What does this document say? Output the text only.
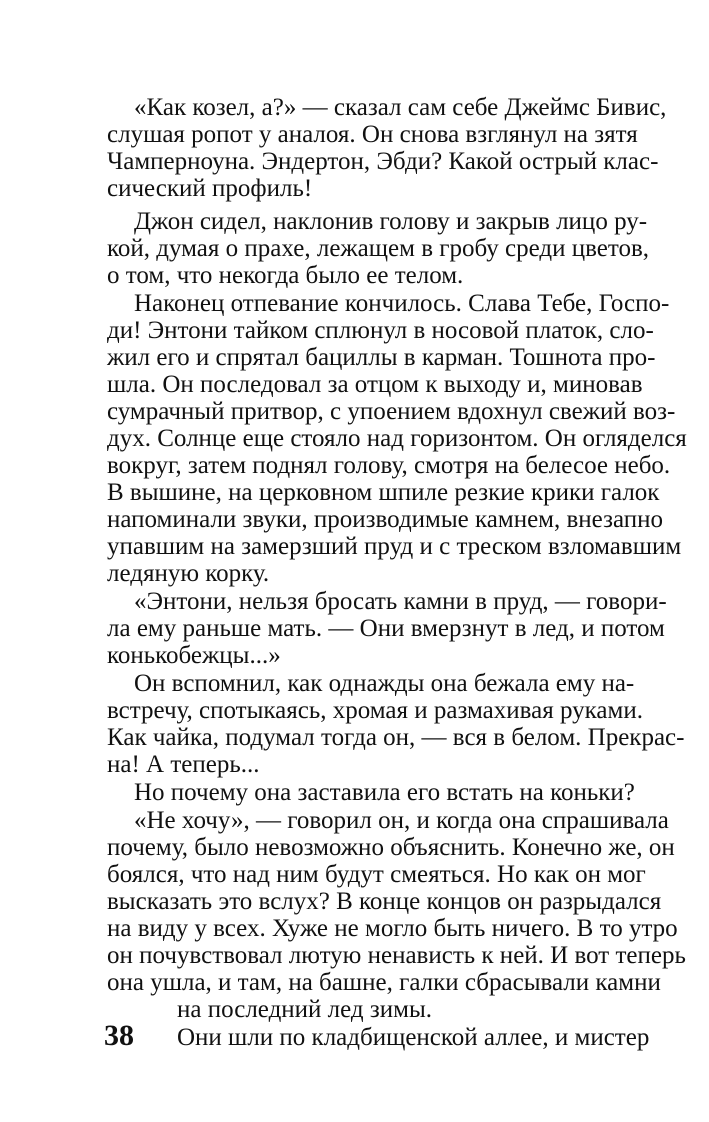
«Как козел, а?» — сказал сам себе Джеймс Бивис,
слушая ропот у аналоя. Он снова взглянул на зятя
Чамперноуна. Эндертон, Эбди? Какой острый клас-
сический профиль!
Джон сидел, наклонив голову и закрыв лицо ру-
кой, думая о прахе, лежащем в гробу среди цветов,
о том, что некогда было ее телом.
Наконец отпевание кончилось. Слава Тебе, Госпо-
ди! Энтони тайком сплюнул в носовой платок, сло-
жил его и спрятал бациллы в карман. Тошнота про-
шла. Он последовал за отцом к выходу и, миновав
сумрачный притвор, с упоением вдохнул свежий воз-
дух. Солнце еще стояло над горизонтом. Он огляделся
вокруг, затем поднял голову, смотря на белесое небо.
В вышине, на церковном шпиле резкие крики галок
напоминали звуки, производимые камнем, внезапно
упавшим на замерзший пруд и с треском взломавшим
ледяную корку.
«Энтони, нельзя бросать камни в пруд, — говори-
ла ему раньше мать. — Они вмерзнут в лед, и потом
конькобежцы...»
Он вспомнил, как однажды она бежала ему на-
встречу, спотыкаясь, хромая и размахивая руками.
Как чайка, подумал тогда он, — вся в белом. Прекрас-
на! А теперь...
Но почему она заставила его встать на коньки?
«Не хочу», — говорил он, и когда она спрашивала
почему, было невозможно объяснить. Конечно же, он
боялся, что над ним будут смеяться. Но как он мог
высказать это вслух? В конце концов он разрыдался
на виду у всех. Хуже не могло быть ничего. В то утро
он почувствовал лютую ненависть к ней. И вот теперь
она ушла, и там, на башне, галки сбрасывали камни
на последний лед зимы.
38 Они шли по кладбищенской аллее, и мистер
